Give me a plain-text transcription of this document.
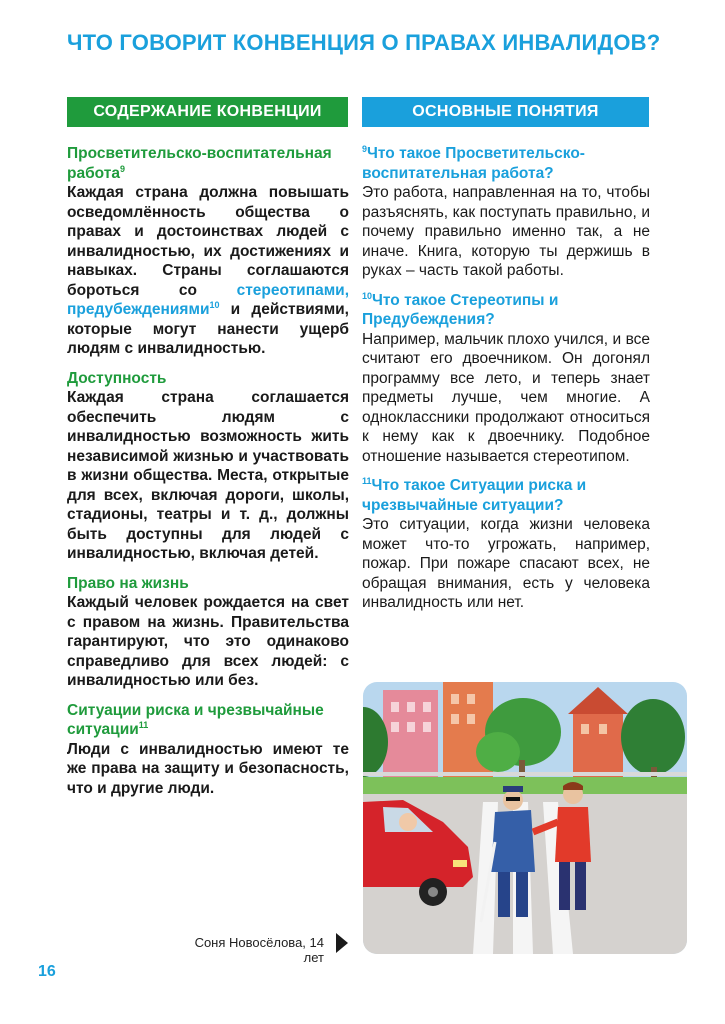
ЧТО ГОВОРИТ КОНВЕНЦИЯ О ПРАВАХ ИНВАЛИДОВ?
СОДЕРЖАНИЕ КОНВЕНЦИИ	ОСНОВНЫЕ ПОНЯТИЯ
Просветительско-воспитательная работа$^9$
Каждая страна должна повышать осведомлённость общества о правах и достоинствах людей с инвалидностью, их достижениях и навыках. Страны соглашаются бороться со	стереотипами, предубеждениями$^{10}$ и действиями, которые могут нанести ущерб людям с инвалидностью.
Доступность
Каждая страна соглашается обеспечить людям с инвалидностью возможность жить независимой жизнью и участвовать в жизни общества. Места, открытые для всех, включая дороги, школы, стадионы, театры и т. д., должны быть доступны для людей с инвалидностью, включая детей.
Право на жизнь
Каждый человек рождается на свет с правом на жизнь. Правительства гарантируют, что это одинаково справедливо для всех людей: с инвалидностью или без.
Ситуации риска и чрезвычайные ситуации$^{11}$
Люди с инвалидностью имеют те же права на защиту и безопасность, что и другие люди.
$^9$Что такое Просветительско-воспитательная работа?
Это работа, направленная на то, чтобы разъяснять, как поступать правильно, и почему правильно именно так, а не иначе. Книга, которую ты держишь в руках – часть такой работы.
$^{10}$Что такое Стереотипы и Предубеждения?
Например, мальчик плохо учился, и все считают его двоечником. Он догонял программу все лето, и теперь знает предметы лучше, чем многие. А одноклассники продолжают относиться к нему как к двоечнику. Подобное отношение называется стереотипом.
$^{11}$Что такое Ситуации риска и чрезвычайные ситуации?
Это ситуации, когда жизни человека может что-то угрожать, например, пожар. При пожаре спасают всех, не обращая внимания, есть у человека инвалидность или нет.
Соня Новосёлова, 14 лет
16
